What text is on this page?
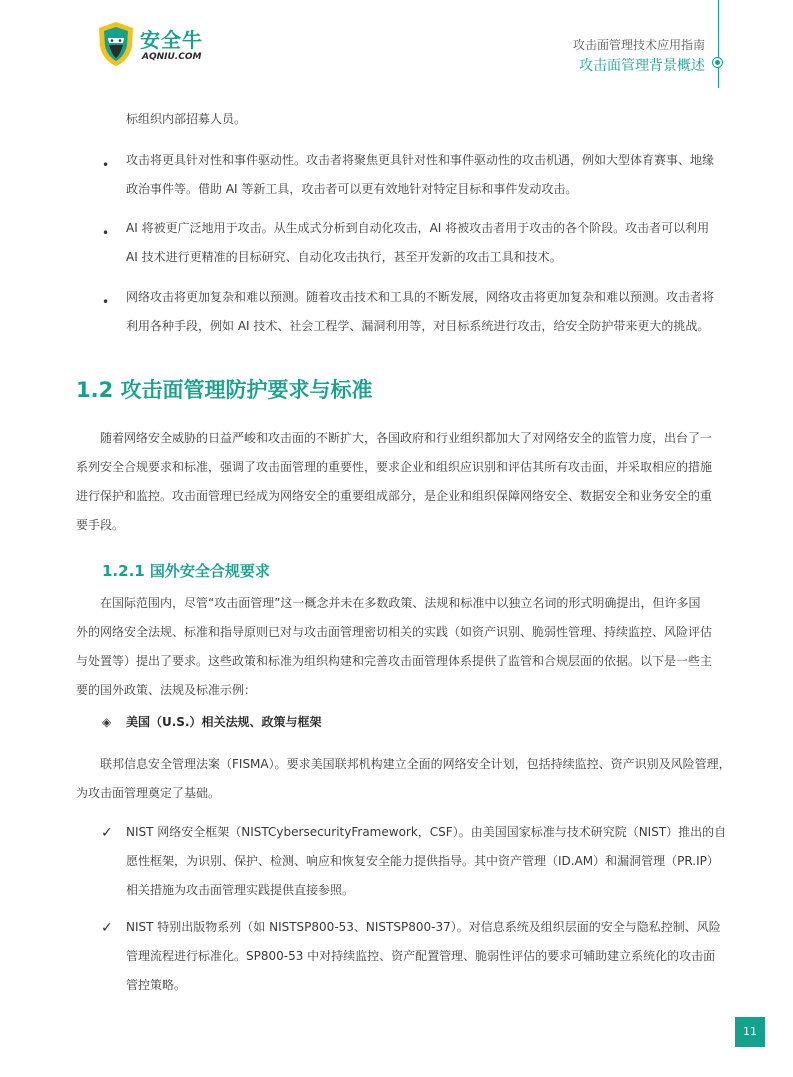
安全牛
AQNIU.COM
攻击面管理技术应用指南
攻击面管理背景概述
标组织内部招募人员。
• 攻击将更具针对性和事件驱动性。攻击者将聚焦更具针对性和事件驱动性的攻击机遇，例如大型体育赛事、地缘
政治事件等。借助 AI 等新工具，攻击者可以更有效地针对特定目标和事件发动攻击。
• AI 将被更广泛地用于攻击。从生成式分析到自动化攻击，AI 将被攻击者用于攻击的各个阶段。攻击者可以利用
AI 技术进行更精准的目标研究、自动化攻击执行，甚至开发新的攻击工具和技术。
• 网络攻击将更加复杂和难以预测。随着攻击技术和工具的不断发展，网络攻击将更加复杂和难以预测。攻击者将
利用各种手段，例如 AI 技术、社会工程学、漏洞利用等，对目标系统进行攻击，给安全防护带来更大的挑战。
1.2 攻击面管理防护要求与标准
随着网络安全威胁的日益严峻和攻击面的不断扩大，各国政府和行业组织都加大了对网络安全的监管力度，出台了一
系列安全合规要求和标准，强调了攻击面管理的重要性，要求企业和组织应识别和评估其所有攻击面，并采取相应的措施
进行保护和监控。攻击面管理已经成为网络安全的重要组成部分，是企业和组织保障网络安全、数据安全和业务安全的重
要手段。
1.2.1 国外安全合规要求
在国际范围内，尽管“攻击面管理”这一概念并未在多数政策、法规和标准中以独立名词的形式明确提出，但许多国
外的网络安全法规、标准和指导原则已对与攻击面管理密切相关的实践（如资产识别、脆弱性管理、持续监控、风险评估
与处置等）提出了要求。这些政策和标准为组织构建和完善攻击面管理体系提供了监管和合规层面的依据。以下是一些主
要的国外政策、法规及标准示例：
◈ 美国（U.S.）相关法规、政策与框架
联邦信息安全管理法案（FISMA）。要求美国联邦机构建立全面的网络安全计划，包括持续监控、资产识别及风险管理，
为攻击面管理奠定了基础。
✓ NIST 网络安全框架（NISTCybersecurityFramework，CSF）。由美国国家标准与技术研究院（NIST）推出的自
愿性框架，为识别、保护、检测、响应和恢复安全能力提供指导。其中资产管理（ID.AM）和漏洞管理（PR.IP）
相关措施为攻击面管理实践提供直接参照。
✓ NIST 特别出版物系列（如 NISTSP800-53、NISTSP800-37）。对信息系统及组织层面的安全与隐私控制、风险
管理流程进行标准化。SP800-53 中对持续监控、资产配置管理、脆弱性评估的要求可辅助建立系统化的攻击面
管控策略。
11
